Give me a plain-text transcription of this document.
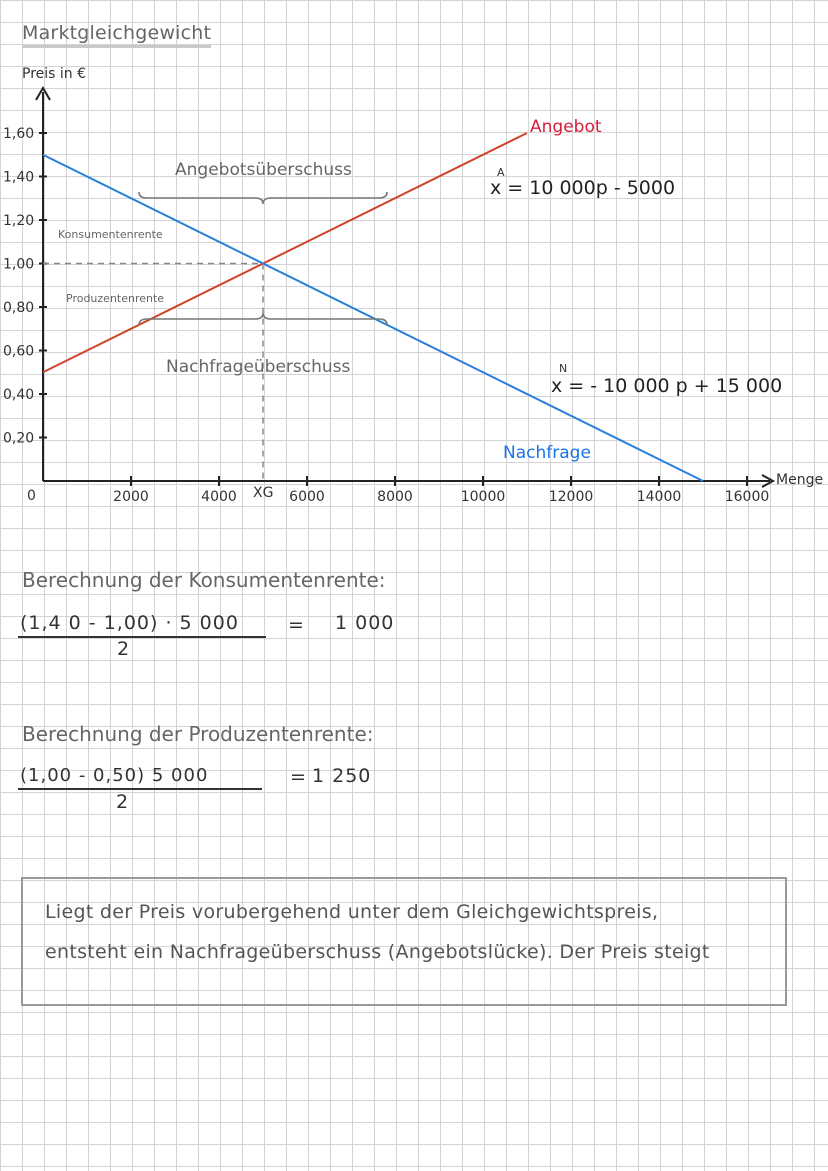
Marktgleichgewicht
Preis in €
Menge
0
1,60
1,40
1,20
1,00
0,80
0,60
0,40
0,20
2000	4000	6000	8000	10000	12000	14000	16000
XG
Angebot
Nachfrage
Angebotsüberschuss
Nachfrageüberschuss
Konsumentenrente
Produzentenrente
A
x = 10 000p - 5000
N
x = - 10 000 p + 15 000
Berechnung der Konsumentenrente:
(1,4 0 - 1,00) · 5 000
2
= 1 000
Berechnung der Produzentenrente:
(1,00 - 0,50) 5 000
2
= 1 250
Liegt der Preis vorubergehend unter dem Gleichgewichtspreis,
entsteht ein Nachfrageüberschuss (Angebotslücke). Der Preis steigt
